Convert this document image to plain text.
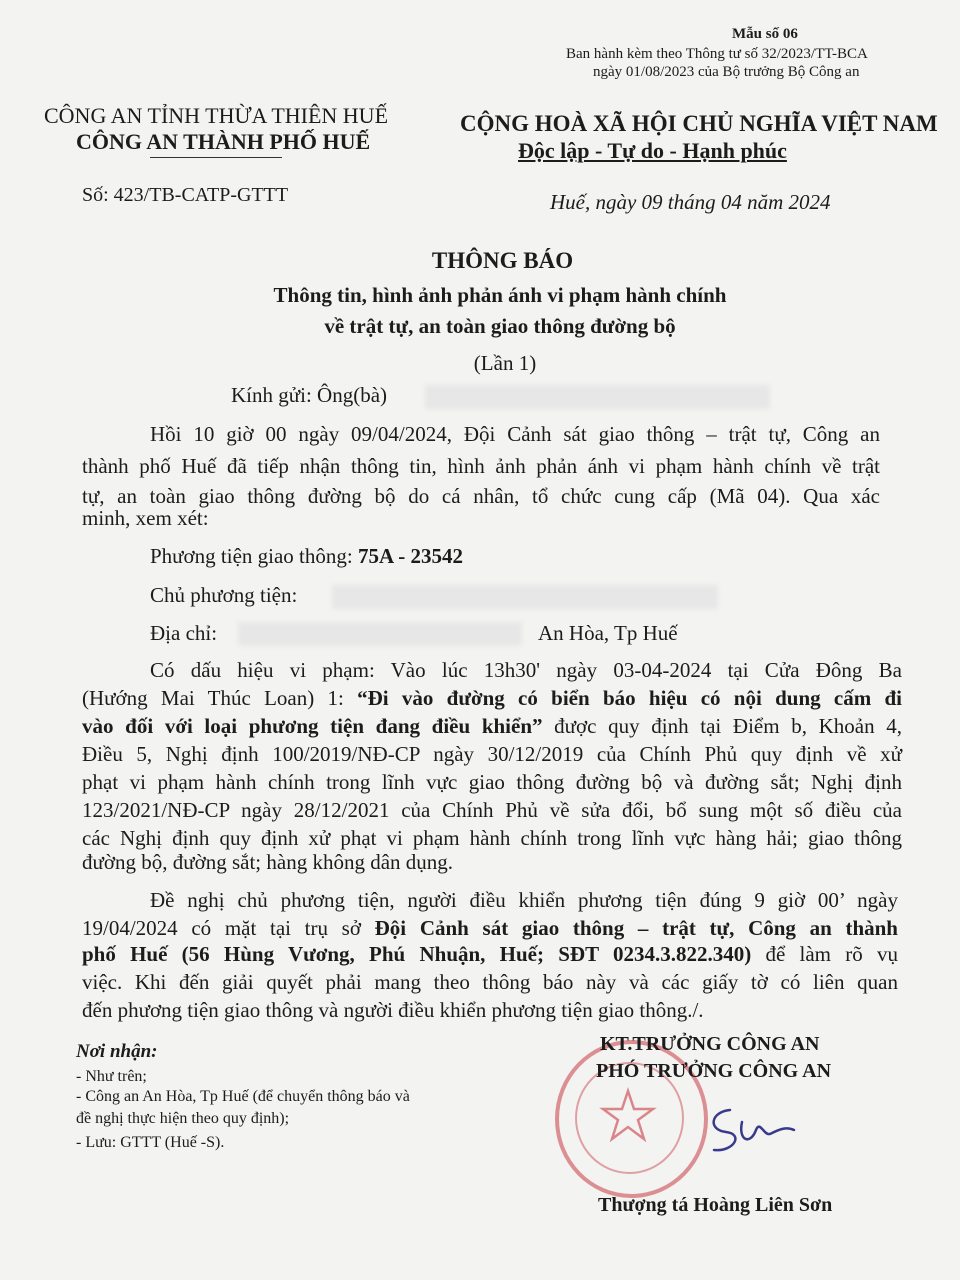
Mẫu số 06
Ban hành kèm theo Thông tư số 32/2023/TT-BCA
ngày 01/08/2023 của Bộ trưởng Bộ Công an
CÔNG AN TỈNH THỪA THIÊN HUẾ
CÔNG AN THÀNH PHỐ HUẾ
Số: 423/TB-CATP-GTTT
CỘNG HOÀ XÃ HỘI CHỦ NGHĨA VIỆT NAM
Độc lập - Tự do - Hạnh phúc
Huế, ngày 09 tháng 04 năm 2024
THÔNG BÁO
Thông tin, hình ảnh phản ánh vi phạm hành chính
về trật tự, an toàn giao thông đường bộ
(Lần 1)
Kính gửi: Ông(bà)
Hồi 10 giờ 00 ngày 09/04/2024, Đội Cảnh sát giao thông – trật tự, Công an
thành phố Huế đã tiếp nhận thông tin, hình ảnh phản ánh vi phạm hành chính về trật
tự, an toàn giao thông đường bộ do cá nhân, tổ chức cung cấp (Mã 04). Qua xác
minh, xem xét:
Phương tiện giao thông: 75A - 23542
Chủ phương tiện:
Địa chỉ:	An Hòa, Tp Huế
Có dấu hiệu vi phạm: Vào lúc 13h30' ngày 03-04-2024 tại Cửa Đông Ba
(Hướng Mai Thúc Loan) 1: “Đi vào đường có biển báo hiệu có nội dung cấm đi
vào đối với loại phương tiện đang điều khiển” được quy định tại Điểm b, Khoản 4,
Điều 5, Nghị định 100/2019/NĐ-CP ngày 30/12/2019 của Chính Phủ quy định về xử
phạt vi phạm hành chính trong lĩnh vực giao thông đường bộ và đường sắt; Nghị định
123/2021/NĐ-CP ngày 28/12/2021 của Chính Phủ về sửa đổi, bổ sung một số điều của
các Nghị định quy định xử phạt vi phạm hành chính trong lĩnh vực hàng hải; giao thông
đường bộ, đường sắt; hàng không dân dụng.
Đề nghị chủ phương tiện, người điều khiển phương tiện đúng 9 giờ 00’ ngày
19/04/2024 có mặt tại trụ sở Đội Cảnh sát giao thông – trật tự, Công an thành
phố Huế (56 Hùng Vương, Phú Nhuận, Huế; SĐT 0234.3.822.340) để làm rõ vụ
việc. Khi đến giải quyết phải mang theo thông báo này và các giấy tờ có liên quan
đến phương tiện giao thông và người điều khiển phương tiện giao thông./.
Nơi nhận:
- Như trên;
- Công an An Hòa, Tp Huế (để chuyển thông báo và
đề nghị thực hiện theo quy định);
- Lưu: GTTT (Huế -S).
KT.TRƯỞNG CÔNG AN
PHÓ TRƯỞNG CÔNG AN
Thượng tá Hoàng Liên Sơn
